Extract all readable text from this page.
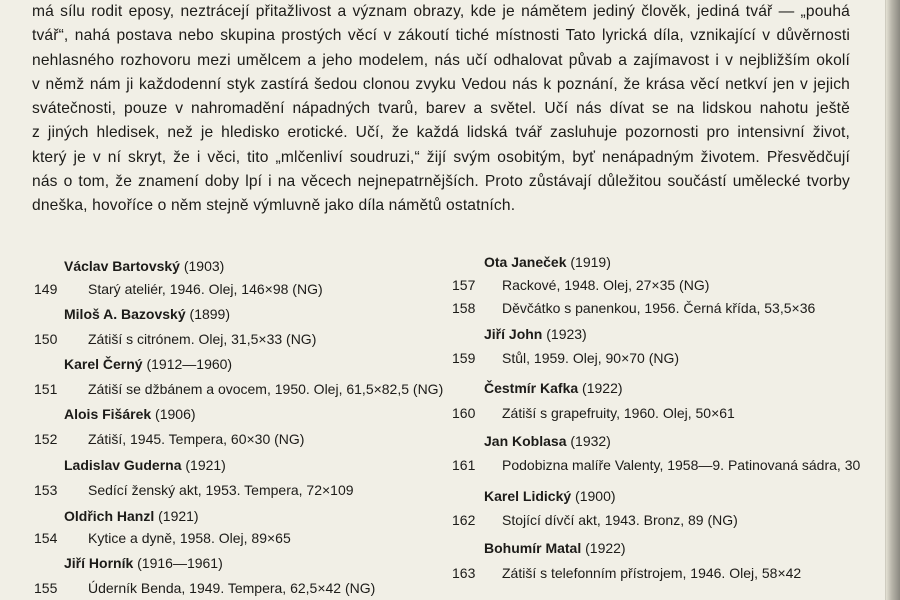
má sílu rodit eposy, neztrácejí přitažlivost a význam obrazy, kde je námětem jediný člověk, jediná tvář — „pouhá
tvář“, nahá postava nebo skupina prostých věcí v zákoutí tiché místnosti Tato lyrická díla, vznikající v důvěrnosti
nehlasného rozhovoru mezi umělcem a jeho modelem, nás učí odhalovat půvab a zajímavost i v nejbližším okolí
v němž nám ji každodenní styk zastírá šedou clonou zvyku Vedou nás k poznání, že krása věcí netkví jen v jejich
svátečnosti, pouze v nahromadění nápadných tvarů, barev a světel. Učí nás dívat se na lidskou nahotu ještě
z jiných hledisek, než je hledisko erotické. Učí, že každá lidská tvář zasluhuje pozornosti pro intensivní život,
který je v ní skryt, že i věci, tito „mlčenliví soudruzi,“ žijí svým osobitým, byť nenápadným životem. Přesvědčují
nás o tom, že znamení doby lpí i na věcech nejnepatrnějších. Proto zůstávají důležitou součástí umělecké tvorby
dneška, hovoříce o něm stejně výmluvně jako díla námětů ostatních.
Václav Bartovský (1903)
149 Starý ateliér, 1946. Olej, 146×98 (NG)
Miloš A. Bazovský (1899)
150 Zátiší s citrónem. Olej, 31,5×33 (NG)
Karel Černý (1912—1960)
151 Zátiší se džbánem a ovocem, 1950. Olej, 61,5×82,5 (NG)
Alois Fišárek (1906)
152 Zátiší, 1945. Tempera, 60×30 (NG)
Ladislav Guderna (1921)
153 Sedící ženský akt, 1953. Tempera, 72×109
Oldřich Hanzl (1921)
154 Kytice a dyně, 1958. Olej, 89×65
Jiří Horník (1916—1961)
155 Úderník Benda, 1949. Tempera, 62,5×42 (NG)
Ota Janeček (1919)
157 Rackové, 1948. Olej, 27×35 (NG)
158 Děvčátko s panenkou, 1956. Černá křída, 53,5×36
Jiří John (1923)
159 Stůl, 1959. Olej, 90×70 (NG)
Čestmír Kafka (1922)
160 Zátiší s grapefruity, 1960. Olej, 50×61
Jan Koblasa (1932)
161 Podobizna malíře Valenty, 1958—9. Patinovaná sádra, 30
Karel Lidický (1900)
162 Stojící dívčí akt, 1943. Bronz, 89 (NG)
Bohumír Matal (1922)
163 Zátiší s telefonním přístrojem, 1946. Olej, 58×42
